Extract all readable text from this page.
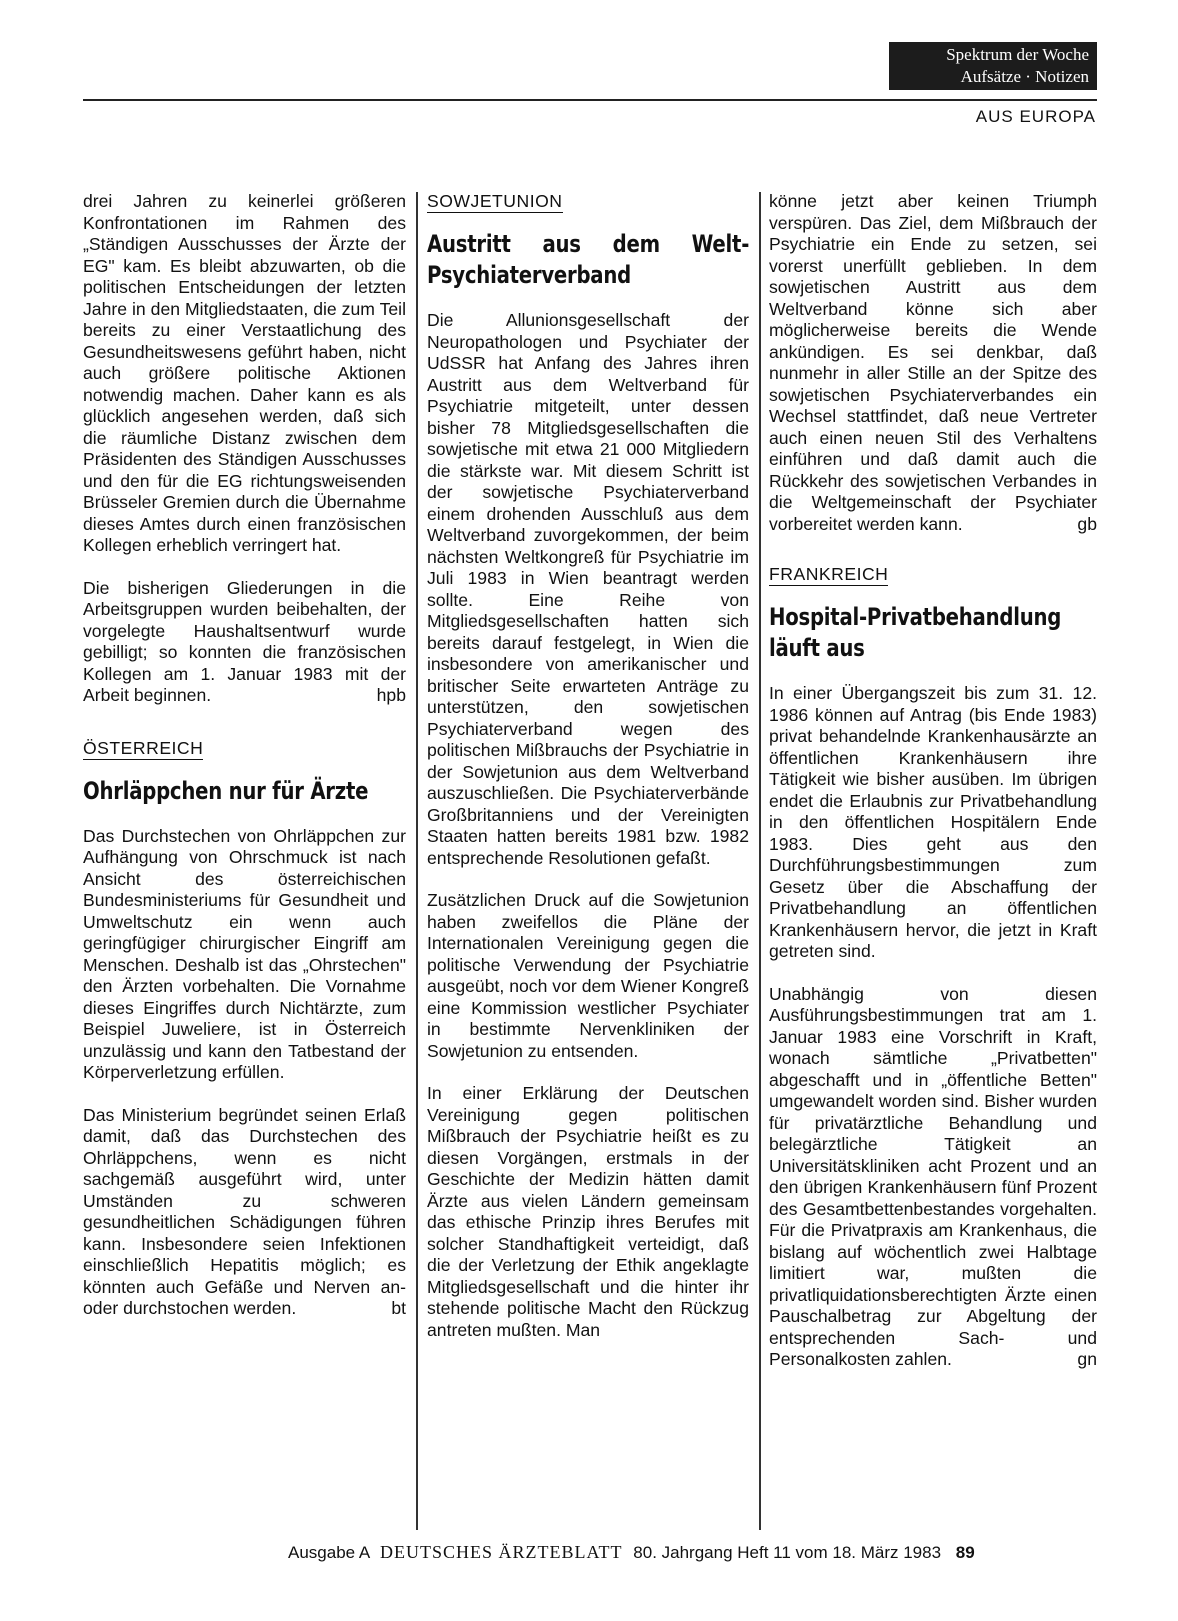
Spektrum der Woche
Aufsätze · Notizen
AUS EUROPA

drei Jahren zu keinerlei größeren Konfrontationen im Rahmen des „Ständigen Ausschusses der Ärzte der EG" kam. Es bleibt abzuwarten, ob die politischen Entscheidungen der letzten Jahre in den Mitgliedstaaten, die zum Teil bereits zu einer Verstaatlichung des Gesundheitswesens geführt haben, nicht auch größere politische Aktionen notwendig machen. Daher kann es als glücklich angesehen werden, daß sich die räumliche Distanz zwischen dem Präsidenten des Ständigen Ausschusses und den für die EG richtungsweisenden Brüsseler Gremien durch die Übernahme dieses Amtes durch einen französischen Kollegen erheblich verringert hat.

Die bisherigen Gliederungen in die Arbeitsgruppen wurden beibehalten, der vorgelegte Haushaltsentwurf wurde gebilligt; so konnten die französischen Kollegen am 1. Januar 1983 mit der Arbeit beginnen.	hpb

ÖSTERREICH
Ohrläppchen nur für Ärzte

Das Durchstechen von Ohrläppchen zur Aufhängung von Ohrschmuck ist nach Ansicht des österreichischen Bundesministeriums für Gesundheit und Umweltschutz ein wenn auch geringfügiger chirurgischer Eingriff am Menschen. Deshalb ist das „Ohrstechen" den Ärzten vorbehalten. Die Vornahme dieses Eingriffes durch Nichtärzte, zum Beispiel Juweliere, ist in Österreich unzulässig und kann den Tatbestand der Körperverletzung erfüllen.

Das Ministerium begründet seinen Erlaß damit, daß das Durchstechen des Ohrläppchens, wenn es nicht sachgemäß ausgeführt wird, unter Umständen zu schweren gesundheitlichen Schädigungen führen kann. Insbesondere seien Infektionen einschließlich Hepatitis möglich; es könnten auch Gefäße und Nerven an- oder durchstochen werden.	bt

SOWJETUNION
Austritt aus dem Welt-Psychiaterverband

Die Allunionsgesellschaft der Neuropathologen und Psychiater der UdSSR hat Anfang des Jahres ihren Austritt aus dem Weltverband für Psychiatrie mitgeteilt, unter dessen bisher 78 Mitgliedsgesellschaften die sowjetische mit etwa 21 000 Mitgliedern die stärkste war. Mit diesem Schritt ist der sowjetische Psychiaterverband einem drohenden Ausschluß aus dem Weltverband zuvorgekommen, der beim nächsten Weltkongreß für Psychiatrie im Juli 1983 in Wien beantragt werden sollte. Eine Reihe von Mitgliedsgesellschaften hatten sich bereits darauf festgelegt, in Wien die insbesondere von amerikanischer und britischer Seite erwarteten Anträge zu unterstützen, den sowjetischen Psychiaterverband wegen des politischen Mißbrauchs der Psychiatrie in der Sowjetunion aus dem Weltverband auszuschließen. Die Psychiaterverbände Großbritanniens und der Vereinigten Staaten hatten bereits 1981 bzw. 1982 entsprechende Resolutionen gefaßt.

Zusätzlichen Druck auf die Sowjetunion haben zweifellos die Pläne der Internationalen Vereinigung gegen die politische Verwendung der Psychiatrie ausgeübt, noch vor dem Wiener Kongreß eine Kommission westlicher Psychiater in bestimmte Nervenkliniken der Sowjetunion zu entsenden.

In einer Erklärung der Deutschen Vereinigung gegen politischen Mißbrauch der Psychiatrie heißt es zu diesen Vorgängen, erstmals in der Geschichte der Medizin hätten damit Ärzte aus vielen Ländern gemeinsam das ethische Prinzip ihres Berufes mit solcher Standhaftigkeit verteidigt, daß die der Verletzung der Ethik angeklagte Mitgliedsgesellschaft und die hinter ihr stehende politische Macht den Rückzug antreten mußten. Man

könne jetzt aber keinen Triumph verspüren. Das Ziel, dem Mißbrauch der Psychiatrie ein Ende zu setzen, sei vorerst unerfüllt geblieben. In dem sowjetischen Austritt aus dem Weltverband könne sich aber möglicherweise bereits die Wende ankündigen. Es sei denkbar, daß nunmehr in aller Stille an der Spitze des sowjetischen Psychiaterverbandes ein Wechsel stattfindet, daß neue Vertreter auch einen neuen Stil des Verhaltens einführen und daß damit auch die Rückkehr des sowjetischen Verbandes in die Weltgemeinschaft der Psychiater vorbereitet werden kann.	gb

FRANKREICH
Hospital-Privatbehandlung läuft aus

In einer Übergangszeit bis zum 31. 12. 1986 können auf Antrag (bis Ende 1983) privat behandelnde Krankenhausärzte an öffentlichen Krankenhäusern ihre Tätigkeit wie bisher ausüben. Im übrigen endet die Erlaubnis zur Privatbehandlung in den öffentlichen Hospitälern Ende 1983. Dies geht aus den Durchführungsbestimmungen zum Gesetz über die Abschaffung der Privatbehandlung an öffentlichen Krankenhäusern hervor, die jetzt in Kraft getreten sind.

Unabhängig von diesen Ausführungsbestimmungen trat am 1. Januar 1983 eine Vorschrift in Kraft, wonach sämtliche „Privatbetten" abgeschafft und in „öffentliche Betten" umgewandelt worden sind. Bisher wurden für privatärztliche Behandlung und belegärztliche Tätigkeit an Universitätskliniken acht Prozent und an den übrigen Krankenhäusern fünf Prozent des Gesamtbettenbestandes vorgehalten. Für die Privatpraxis am Krankenhaus, die bislang auf wöchentlich zwei Halbtage limitiert war, mußten die privatliquidationsberechtigten Ärzte einen Pauschalbetrag zur Abgeltung der entsprechenden Sach- und Personalkosten zahlen.	gn

Ausgabe A DEUTSCHES ÄRZTEBLATT 80. Jahrgang Heft 11 vom 18. März 1983 89
